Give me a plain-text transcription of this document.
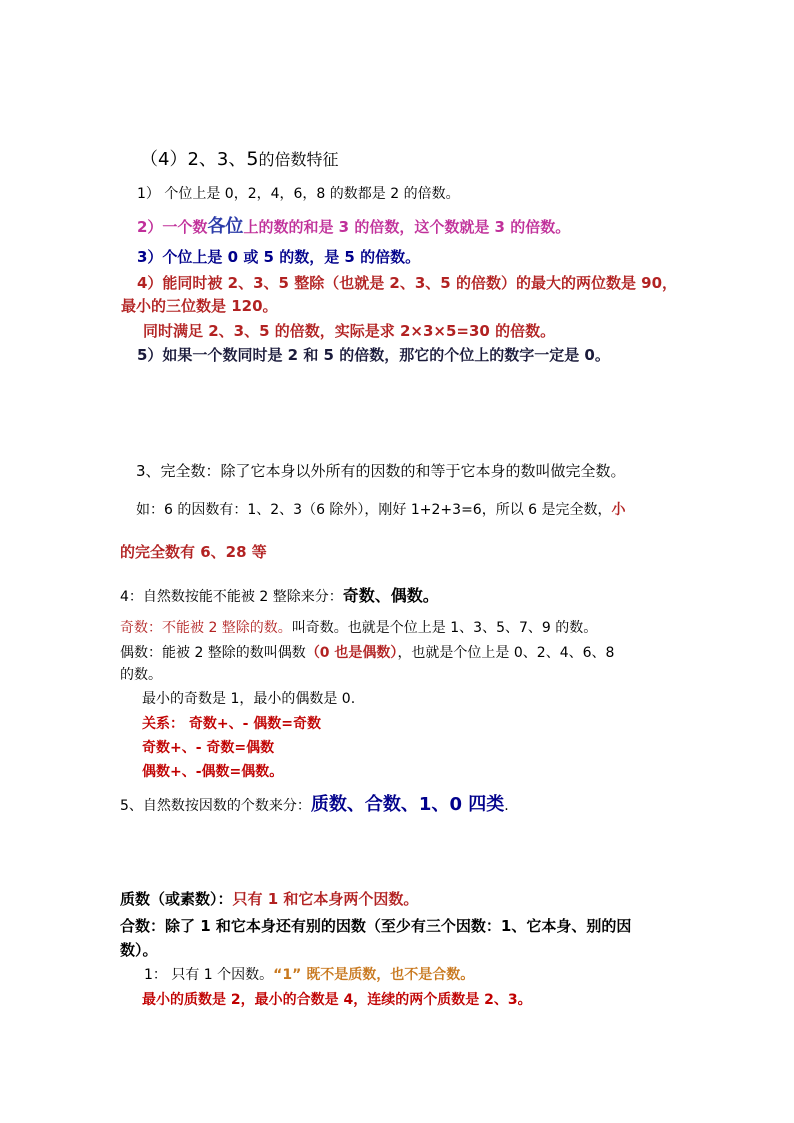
（4）2、3、5的倍数特征
1） 个位上是 0，2，4，6，8 的数都是 2 的倍数。
2）一个数各位上的数的和是 3 的倍数，这个数就是 3 的倍数。
3）个位上是 0 或 5 的数，是 5 的倍数。
4）能同时被 2、3、5 整除（也就是 2、3、5 的倍数）的最大的两位数是 90，
最小的三位数是 120。
同时满足 2、3、5 的倍数，实际是求 2×3×5=30 的倍数。
5）如果一个数同时是 2 和 5 的倍数，那它的个位上的数字一定是 0。
3、完全数：除了它本身以外所有的因数的和等于它本身的数叫做完全数。
如：6 的因数有：1、2、3（6 除外），刚好 1+2+3=6，所以 6 是完全数，小
的完全数有 6、28 等
4：自然数按能不能被 2 整除来分：奇数、偶数。
奇数：不能被 2 整除的数。叫奇数。也就是个位上是 1、3、5、7、9 的数。
偶数：能被 2 整除的数叫偶数（0 也是偶数），也就是个位上是 0、2、4、6、8
的数。
最小的奇数是 1，最小的偶数是 0.
关系： 奇数+、- 偶数=奇数
奇数+、- 奇数=偶数
偶数+、-偶数=偶数。
5、自然数按因数的个数来分：质数、合数、1、0 四类.
质数（或素数）：只有 1 和它本身两个因数。
合数：除了 1 和它本身还有别的因数（至少有三个因数：1、它本身、别的因
数）。
1： 只有 1 个因数。“1” 既不是质数，也不是合数。
最小的质数是 2，最小的合数是 4，连续的两个质数是 2、3。
